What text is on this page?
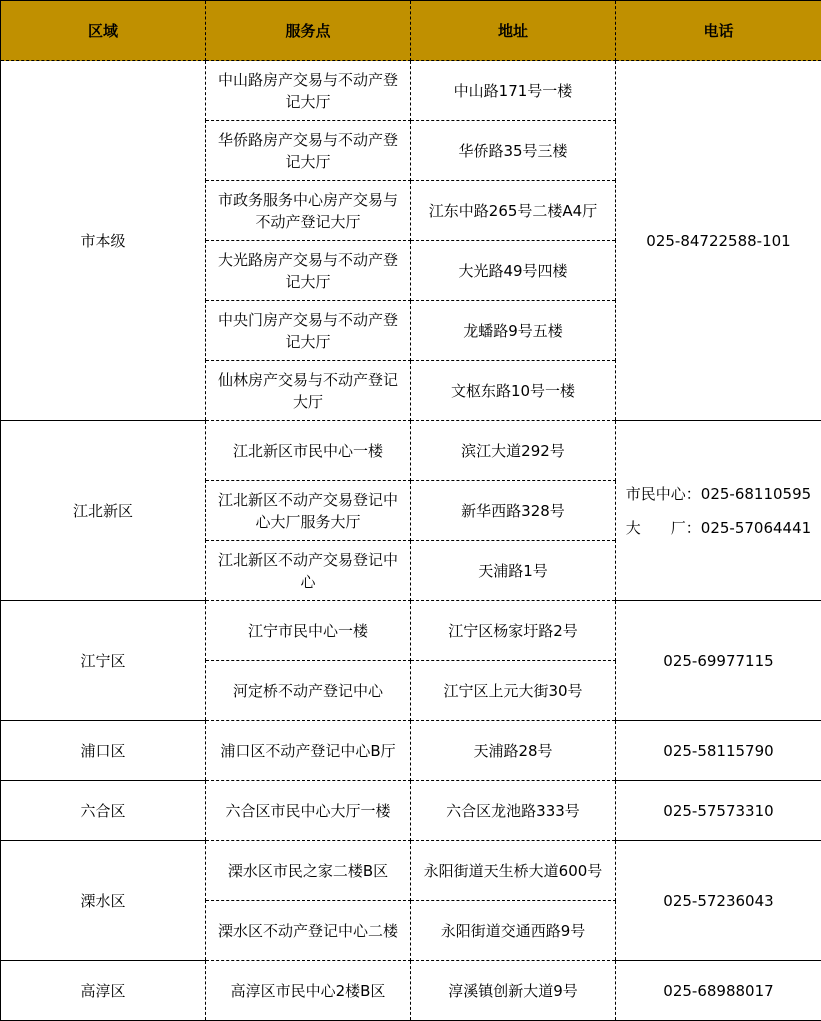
区域	服务点	地址	电话
市本级	中山路房产交易与不动产登记大厅	中山路171号一楼	025-84722588-101
	华侨路房产交易与不动产登记大厅	华侨路35号三楼	
	市政务服务中心房产交易与不动产登记大厅	江东中路265号二楼A4厅	
	大光路房产交易与不动产登记大厅	大光路49号四楼	
	中央门房产交易与不动产登记大厅	龙蟠路9号五楼	
	仙林房产交易与不动产登记大厅	文枢东路10号一楼	
江北新区	江北新区市民中心一楼	滨江大道292号	市民中心：025-68110595
大　　厂：025-57064441

	江北新区不动产交易登记中心大厂服务大厅	新华西路328号	
	江北新区不动产交易登记中心	天浦路1号	
江宁区	江宁市民中心一楼	江宁区杨家圩路2号	025-69977115
	河定桥不动产登记中心	江宁区上元大街30号	
浦口区	浦口区不动产登记中心B厅	天浦路28号	025-58115790
六合区	六合区市民中心大厅一楼	六合区龙池路333号	025-57573310
溧水区	溧水区市民之家二楼B区	永阳街道天生桥大道600号	025-57236043
	溧水区不动产登记中心二楼	永阳街道交通西路9号	
高淳区	高淳区市民中心2楼B区	淳溪镇创新大道9号	025-68988017
